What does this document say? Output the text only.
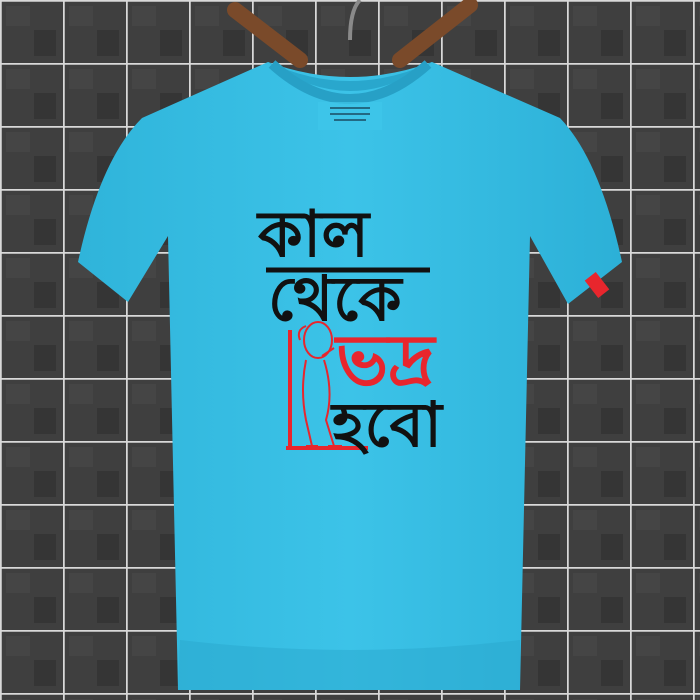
কাল
থেকে
ভদ্র
হবো
